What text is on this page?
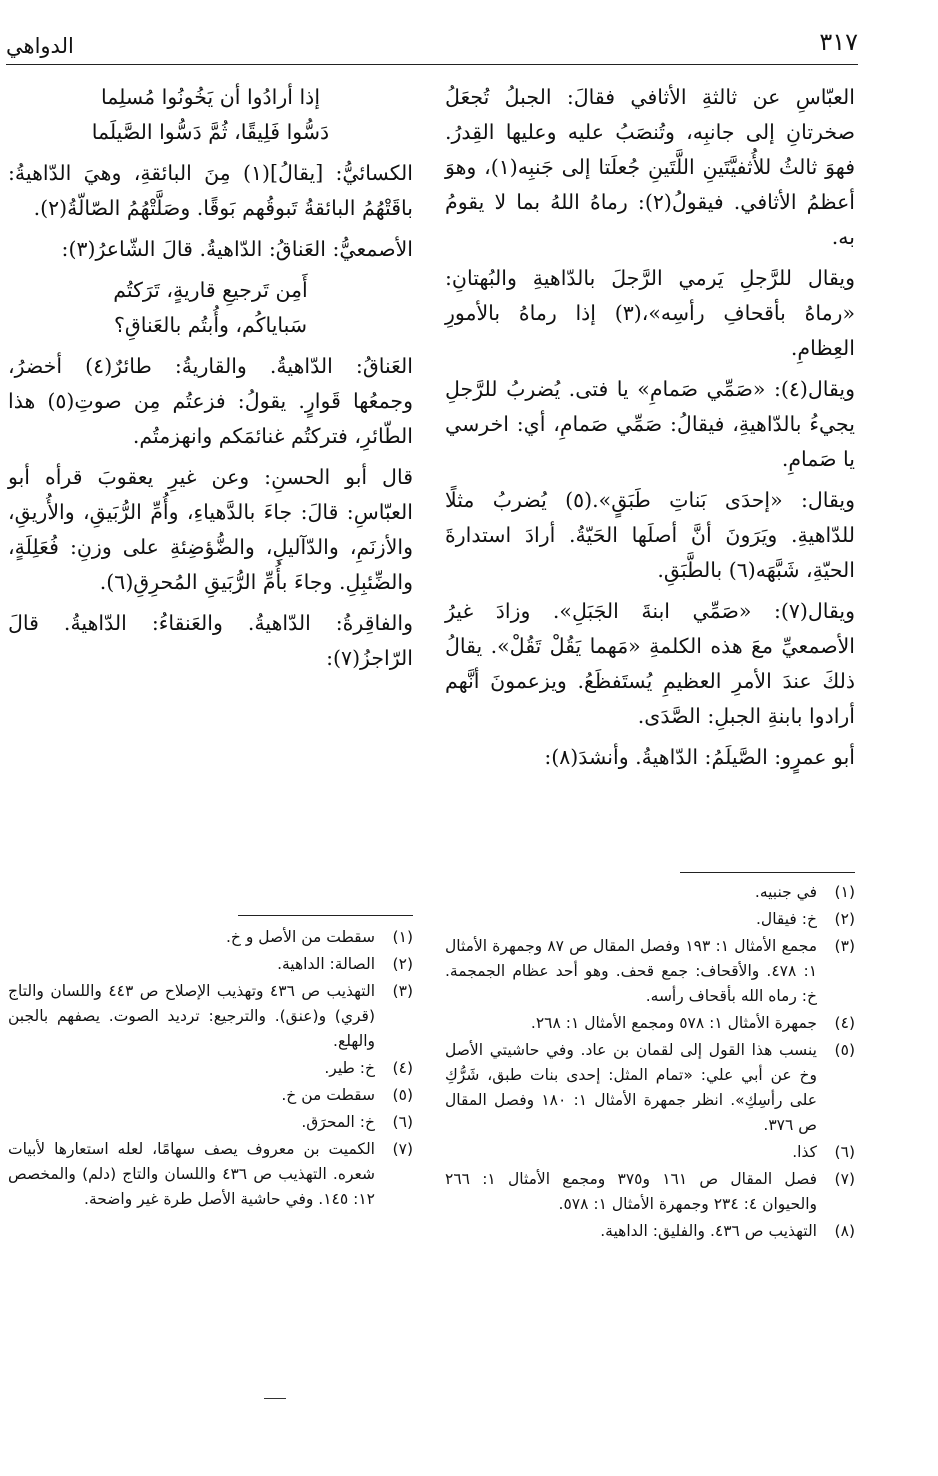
٣١٧
الدواهي

العبّاسِ عن ثالثةِ الأثافي فقالَ: الجبلُ تُجعَلُ صخرتانِ إلى جانبِه، وتُنصَبُ عليه وعليها القِدرُ. فهوَ ثالثُ للأُثفيَّتَينِ اللَّتَينِ جُعلَتا إلى جَنبِه(١)، وهوَ أعظمُ الأثافي. فيقولُ(٢): رماهُ اللهُ بما لا يقومُ به.

ويقال للرَّجلِ يَرمي الرَّجلَ بالدّاهيةِ والبُهتانِ: «رماهُ بأقحافِ رأسِه»،(٣) إذا رماهُ بالأمورِ العِظامِ.

ويقال(٤): «صَمِّي صَمامِ» يا فتى. يُضربُ للرَّجلِ يجيءُ بالدّاهيةِ، فيقالُ: صَمِّي صَمامِ، أي: اخرسي يا صَمامِ.

ويقال: «إحدَى بَناتِ طَبَقٍ».(٥) يُضربُ مثلًا للدّاهيةِ. ويَرَونَ أنَّ أصلَها الحَيّةُ. أرادَ استدارةَ الحيّةِ، شَبَّهَه(٦) بالطَّبَقِ.

ويقال(٧): «صَمِّي ابنةَ الجَبَلِ». وزادَ غيرُ الأصمعيِّ معَ هذه الكلمةِ «مَهما يَقُلْ تَقُلْ». يقالُ ذلكَ عندَ الأمرِ العظيمِ يُستَفظَعُ. ويزعمونَ أنَّهم أرادوا بابنةِ الجبلِ: الصَّدَى.

أبو عمرٍو: الصَّيلَمُ: الدّاهيةُ. وأنشدَ(٨):

إذا أرادُوا أن يَخُونُوا مُسلِما
دَسُّوا فَلِيقًا، ثُمَّ دَسُّوا الصَّيلَما

الكسائيُّ: [يقالُ](١) مِنَ البائقةِ، وهيَ الدّاهيةُ: باقَتْهُمُ البائقةُ تَبوقُهم بَوقًا. وصَلَّتْهُمُ الصّالّةُ(٢).

الأصمعيُّ: العَناقُ: الدّاهيةُ. قالَ الشّاعرُ(٣):

أَمِن تَرجيعِ قاريةٍ، تَرَكتُم
سَباياكُم، وأُبتُم بالعَناقِ؟

العَناقُ: الدّاهيةُ. والقاريةُ: طائرٌ(٤) أخضرُ، وجمعُها قَوارٍ. يقولُ: فزعتُم مِن صوتِ(٥) هذا الطّائرِ، فتركتُم غنائمَكم وانهزمتُم.

قال أبو الحسنِ: وعن غيرِ يعقوبَ قرأه أبو العبّاسِ: قالَ: جاءَ بالدَّهياءِ، وأُمِّ الرُّبَيقِ، والأُريقِ، والأزنَمِ، والدّآليلِ، والضُّؤضِئةِ على وزنِ: فُعَلِلَةٍ، والضِّئبِلِ. وجاءَ بأُمِّ الرُّبَيقِ المُحرِقِ(٦).

والفاقِرةُ: الدّاهيةُ. والعَنقاءُ: الدّاهيةُ. قالَ الرّاجزُ(٧):

(١)
في جنبيه.
(٢)
خ: فيقال.
(٣)
مجمع الأمثال ١: ١٩٣ وفصل المقال ص ٨٧ وجمهرة الأمثال ١: ٤٧٨. والأقحاف: جمع قحف. وهو أحد عظام الجمجمة. خ: رماه الله بأقحاف رأسه.
(٤)
جمهرة الأمثال ١: ٥٧٨ ومجمع الأمثال ١: ٢٦٨.
(٥)
ينسب هذا القول إلى لقمان بن عاد. وفي حاشيتي الأصل وخ عن أبي علي: «تمام المثل: إحدى بنات طبق، شَرُّكِ على رأسِكِ». انظر جمهرة الأمثال ١: ١٨٠ وفصل المقال ص ٣٧٦.
(٦)
كذا.
(٧)
فصل المقال ص ١٦١ و٣٧٥ ومجمع الأمثال ١: ٢٦٦ والحيوان ٤: ٢٣٤ وجمهرة الأمثال ١: ٥٧٨.
(٨)
التهذيب ص ٤٣٦. والفليق: الداهية.
(١)
سقطت من الأصل و خ.
(٢)
الصالة: الداهية.
(٣)
التهذيب ص ٤٣٦ وتهذيب الإصلاح ص ٤٤٣ واللسان والتاج (قري) و(عنق). والترجيع: ترديد الصوت. يصفهم بالجبن والهلع.
(٤)
خ: طير.
(٥)
سقطت من خ.
(٦)
خ: المحرَق.
(٧)
الكميت بن معروف يصف سهامًا، لعله استعارها لأبيات شعره. التهذيب ص ٤٣٦ واللسان والتاج (دلم) والمخصص ١٢: ١٤٥. وفي حاشية الأصل طرة غير واضحة.
